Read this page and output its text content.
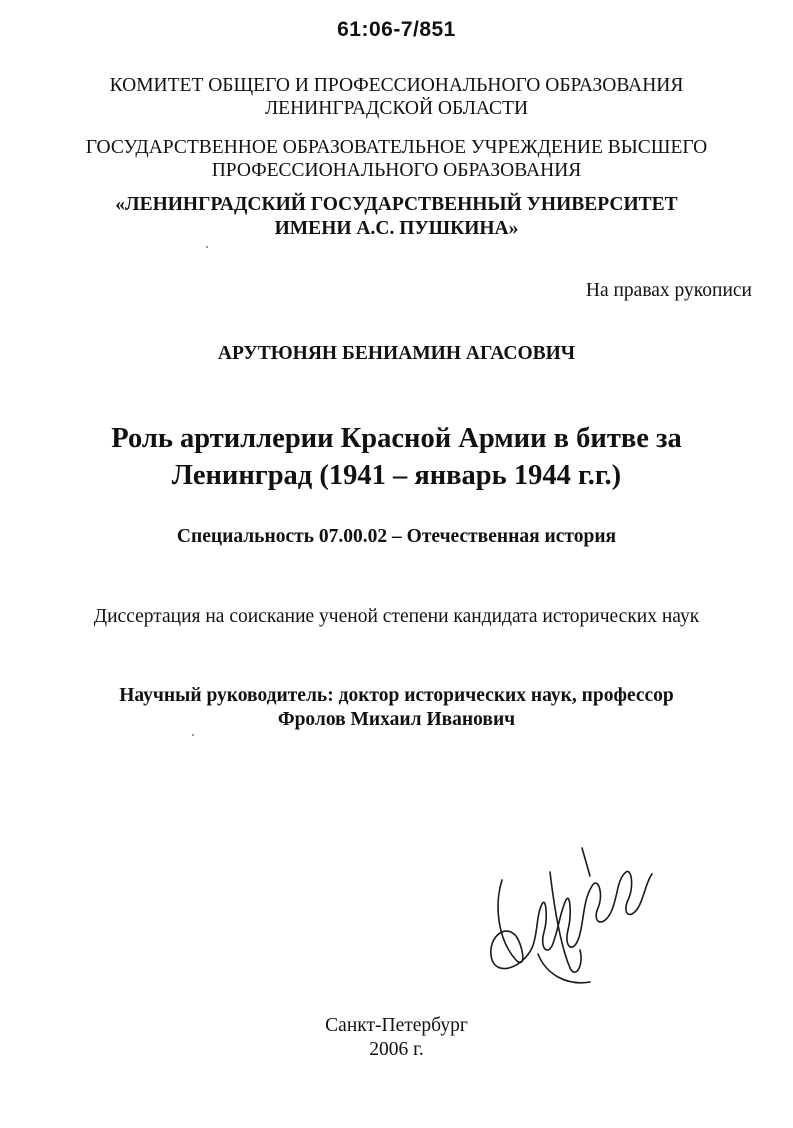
61:06-7/851
КОМИТЕТ ОБЩЕГО И ПРОФЕССИОНАЛЬНОГО ОБРАЗОВАНИЯ
ЛЕНИНГРАДСКОЙ ОБЛАСТИ
ГОСУДАРСТВЕННОЕ ОБРАЗОВАТЕЛЬНОЕ УЧРЕЖДЕНИЕ ВЫСШЕГО
ПРОФЕССИОНАЛЬНОГО ОБРАЗОВАНИЯ
«ЛЕНИНГРАДСКИЙ ГОСУДАРСТВЕННЫЙ УНИВЕРСИТЕТ
ИМЕНИ А.С. ПУШКИНА»
На правах рукописи
АРУТЮНЯН БЕНИАМИН АГАСОВИЧ
Роль артиллерии Красной Армии в битве за
Ленинград (1941 – январь 1944 г.г.)
Специальность 07.00.02 – Отечественная история
Диссертация на соискание ученой степени кандидата исторических наук
Научный руководитель: доктор исторических наук, профессор
Фролов Михаил Иванович
Санкт-Петербург
2006 г.
